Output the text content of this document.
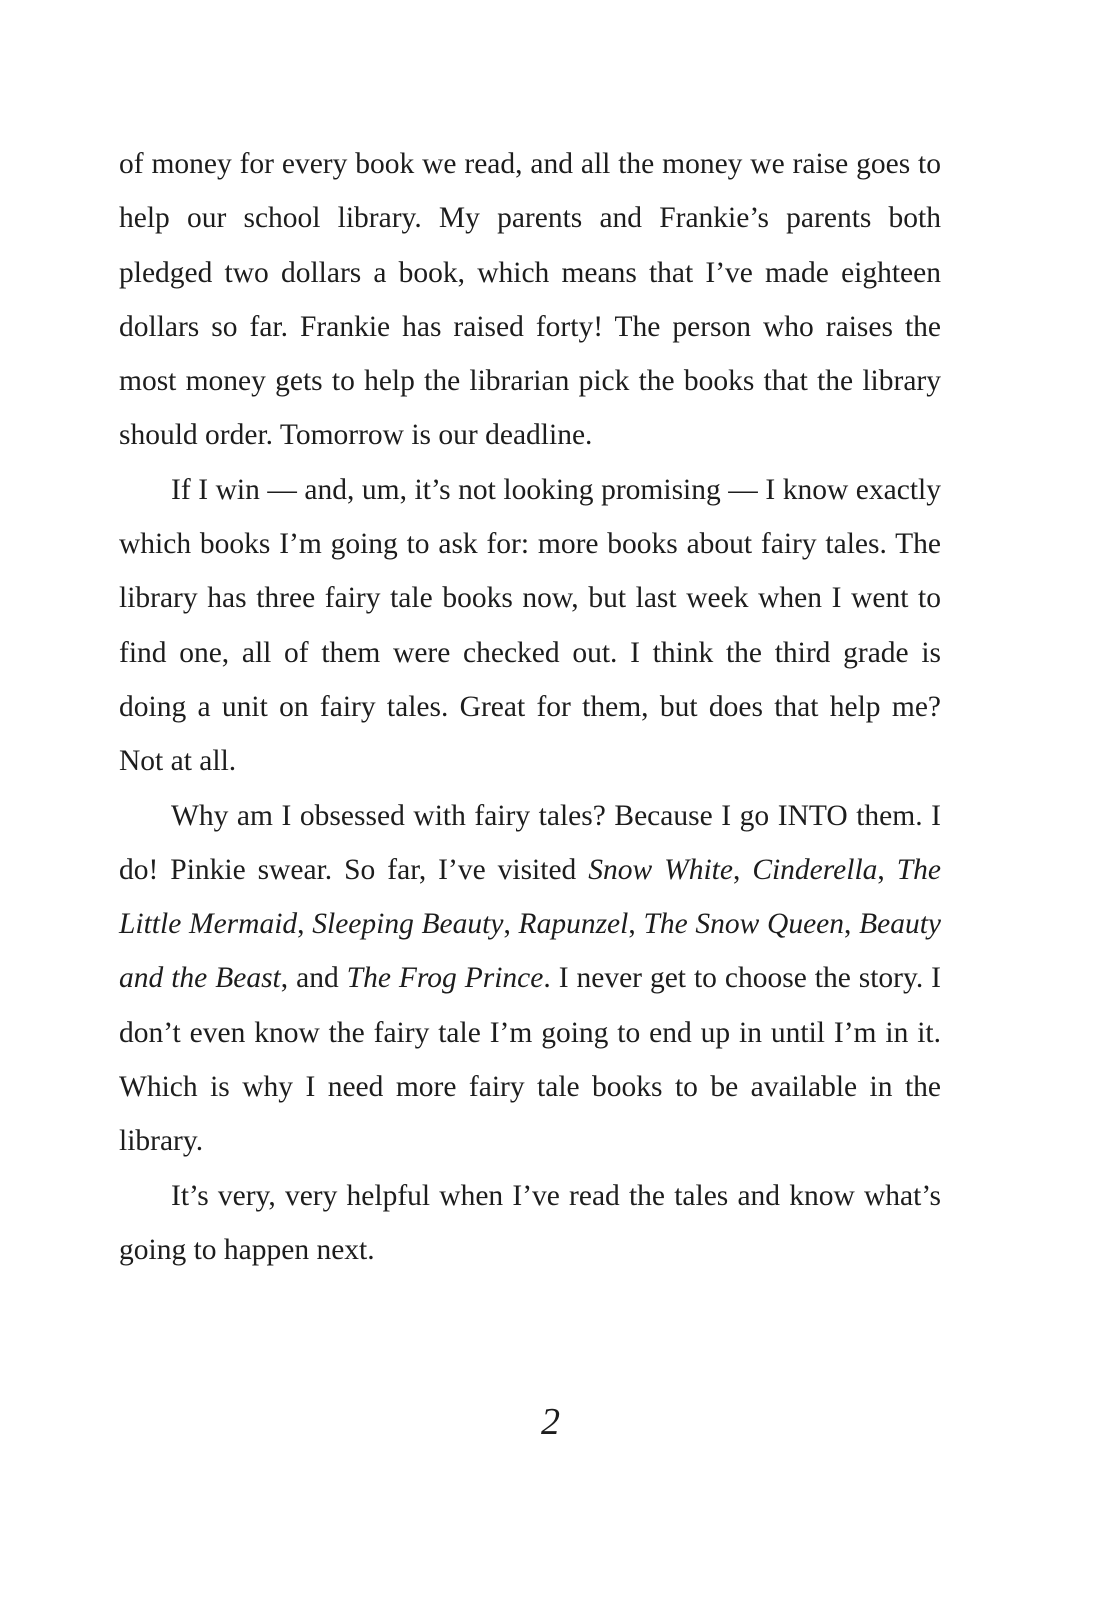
of money for every book we read, and all the money we raise goes to help our school library. My parents and Frankie’s parents both pledged two dollars a book, which means that I’ve made eighteen dollars so far. Frankie has raised forty! The person who raises the most money gets to help the librarian pick the books that the library should order. Tomorrow is our deadline.

If I win — and, um, it’s not looking promising — I know exactly which books I’m going to ask for: more books about fairy tales. The library has three fairy tale books now, but last week when I went to find one, all of them were checked out. I think the third grade is doing a unit on fairy tales. Great for them, but does that help me? Not at all.

Why am I obsessed with fairy tales? Because I go INTO them. I do! Pinkie swear. So far, I’ve visited Snow White, Cinderella, The Little Mermaid, Sleeping Beauty, Rapunzel, The Snow Queen, Beauty and the Beast, and The Frog Prince. I never get to choose the story. I don’t even know the fairy tale I’m going to end up in until I’m in it. Which is why I need more fairy tale books to be available in the library.

It’s very, very helpful when I’ve read the tales and know what’s going to happen next.

2
